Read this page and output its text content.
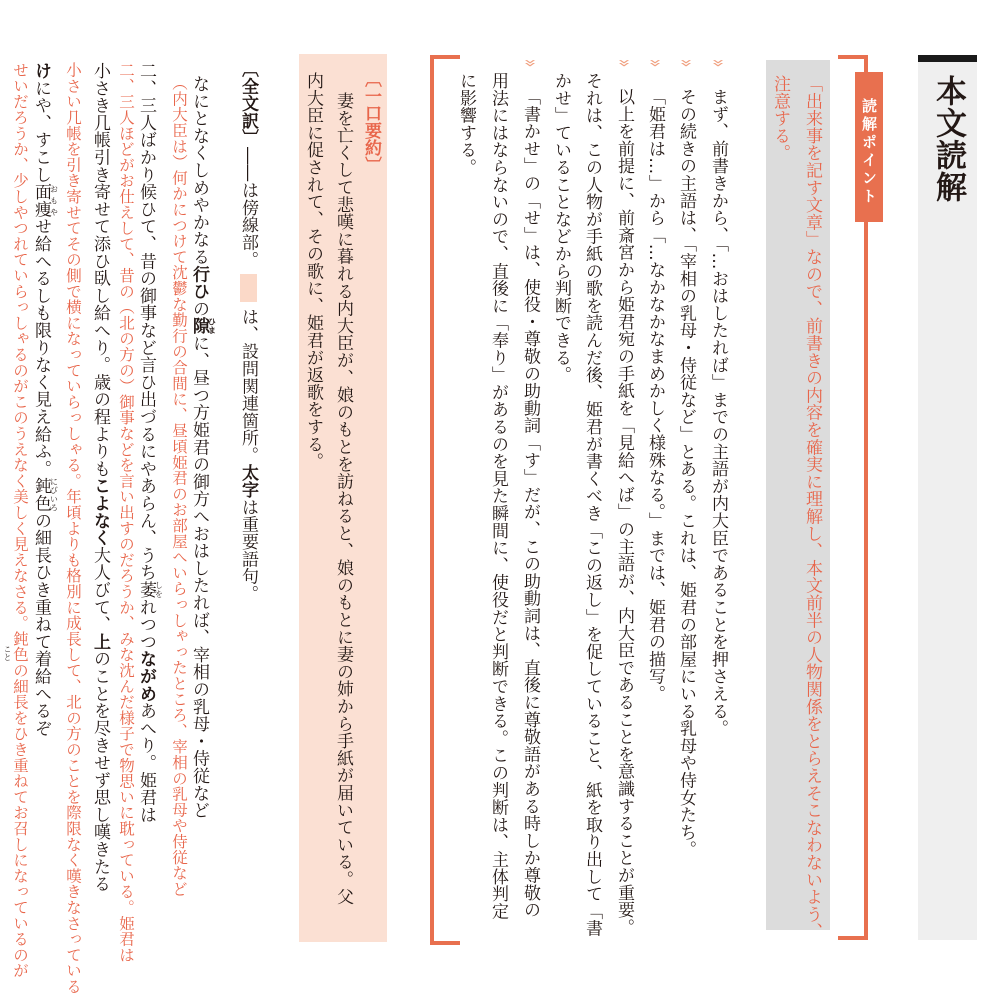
本文読解
読解ポイント
「出来事を記す文章」なので、前書きの内容を確実に理解し、本文前半の人物関係をとらえそこなわないよう、
注意する。
»
»
»
»
»
まず、前書きから、「…おはしたれば」までの主語が内大臣であることを押さえる。
その続きの主語は、「宰相の乳母・侍従など」とある。これは、姫君の部屋にいる乳母や侍女たち。
「姫君は…」から「…なかなかなまめかしく様殊なる。」までは、姫君の描写。
以上を前提に、前斎宮から姫君宛の手紙を「見給へば」の主語が、内大臣であることを意識することが重要。
それは、この人物が手紙の歌を読んだ後、姫君が書くべき「この返し」を促していること、紙を取り出して「書
かせ」ていることなどから判断できる。
「書かせ」の「せ」は、使役・尊敬の助動詞「す」だが、この助動詞は、直後に尊敬語がある時しか尊敬の
用法にはならないので、直後に「奉り」があるのを見た瞬間に、使役だと判断できる。この判断は、主体判定
に影響する。
〔一口要約〕
妻を亡くして悲嘆に暮れる内大臣が、娘のもとを訪ねると、娘のもとに妻の姉から手紙が届いている。父
内大臣に促されて、その歌に、姫君が返歌をする。
〔全文訳〕――は傍線部。は、設問関連箇所。太字は重要語句。
なにとなくしめやかなる行ひの隙ひまに、昼つ方姫君の御方へおはしたれば、宰相の乳母・侍従など
（内大臣は）何かにつけて沈鬱な勤行の合間に、昼頃姫君のお部屋へいらっしゃったところ、宰相の乳母や侍従など
二、三人ばかり候ひて、昔の御事など言ひ出づるにやあらん、うち萎しをれつつながめあへり。姫君は
二、三人ほどがお仕えして、昔の（北の方の）御事などを言い出すのだろうか、みな沈んだ様子で物思いに耽っている。姫君は
小さき几帳引き寄せて添ひ臥し給へり。歳の程よりもこよなく大人びて、上のことを尽きせず思し嘆きたる
小さい几帳を引き寄せてその側で横になっていらっしゃる。年頃よりも格別に成長して、北の方のことを際限なく嘆きなさっている
けにや、すこし面痩おもやせ給へるしも限りなく見え給ふ。鈍色にびいろの細長ひき重ねて着給へるぞ
せいだろうか、少しやつれていらっしゃるのがこのうえなく美しく見えなさる。鈍色の細長をひき重ねてお召しになっているのが
こと
